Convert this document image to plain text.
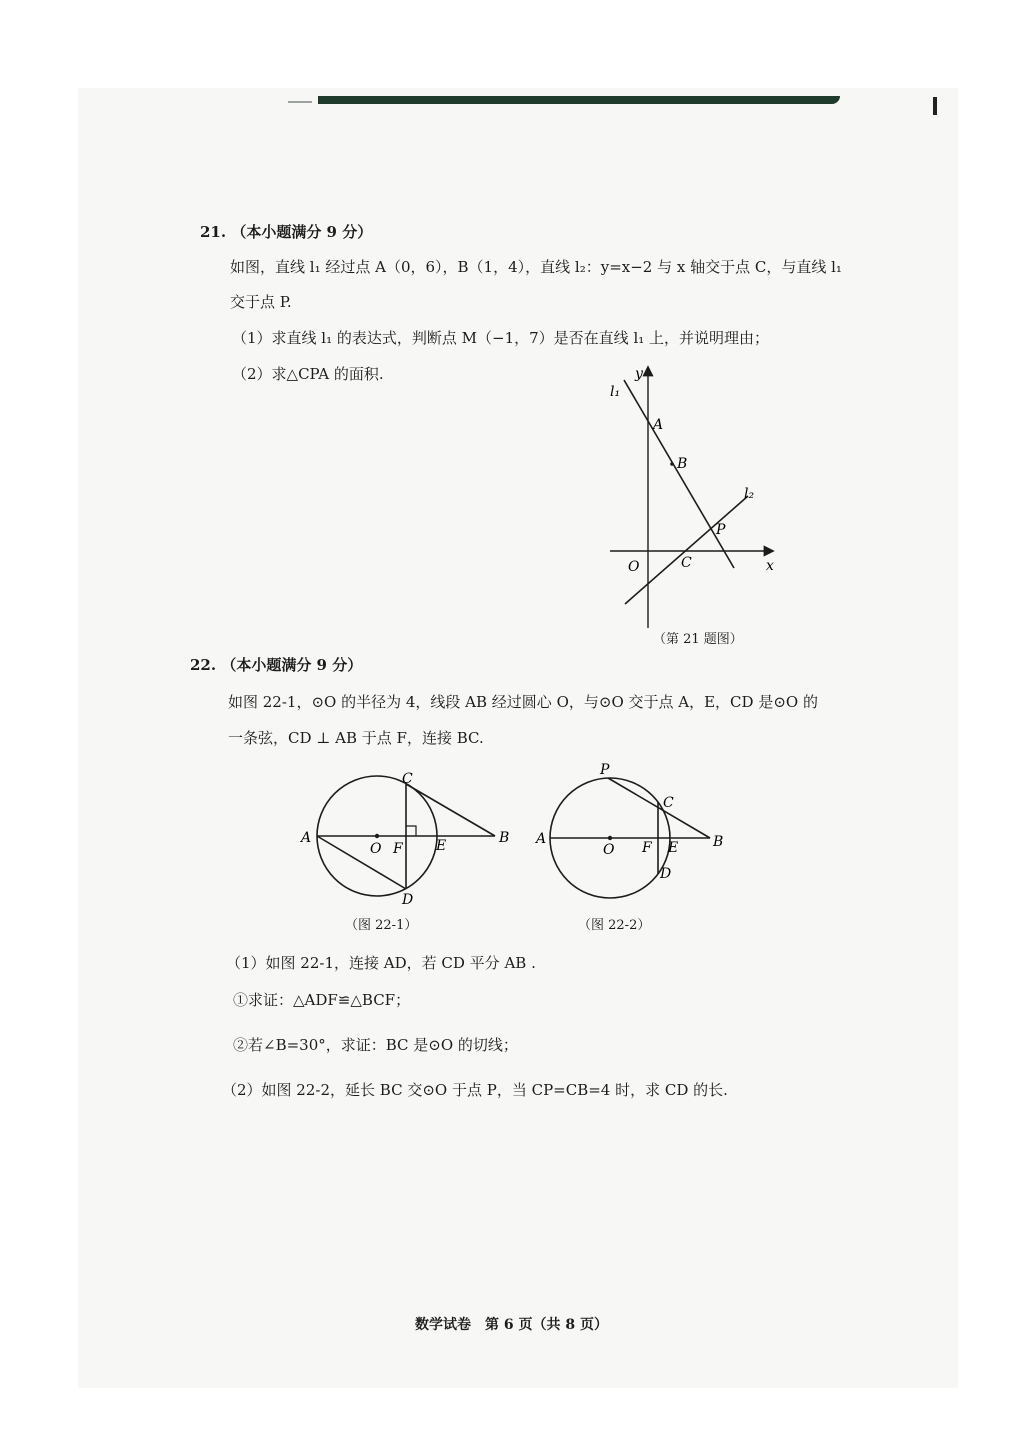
21. （本小题满分 9 分）
如图，直线 l₁ 经过点 A（0，6），B（1，4），直线 l₂：y=x−2 与 x 轴交于点 C，与直线 l₁
交于点 P.
（1）求直线 l₁ 的表达式，判断点 M（−1，7）是否在直线 l₁ 上，并说明理由；
（2）求△CPA 的面积.	y
x
l₁
l₂
A
B
P
O	C
（第 21 题图）
22. （本小题满分 9 分）
如图 22-1，⊙O 的半径为 4，线段 AB 经过圆心 O，与⊙O 交于点 A，E，CD 是⊙O 的
一条弦，CD ⊥ AB 于点 F，连接 BC.
A
O F E	B
C
D
（图 22-1）
A
O F E B
C
D
P
（图 22-2）
（1）如图 22-1，连接 AD，若 CD 平分 AB .
①求证：△ADF≌△BCF；
②若∠B=30°，求证：BC 是⊙O 的切线；
（2）如图 22-2，延长 BC 交⊙O 于点 P，当 CP=CB=4 时，求 CD 的长.
数学试卷　第 6 页（共 8 页）
